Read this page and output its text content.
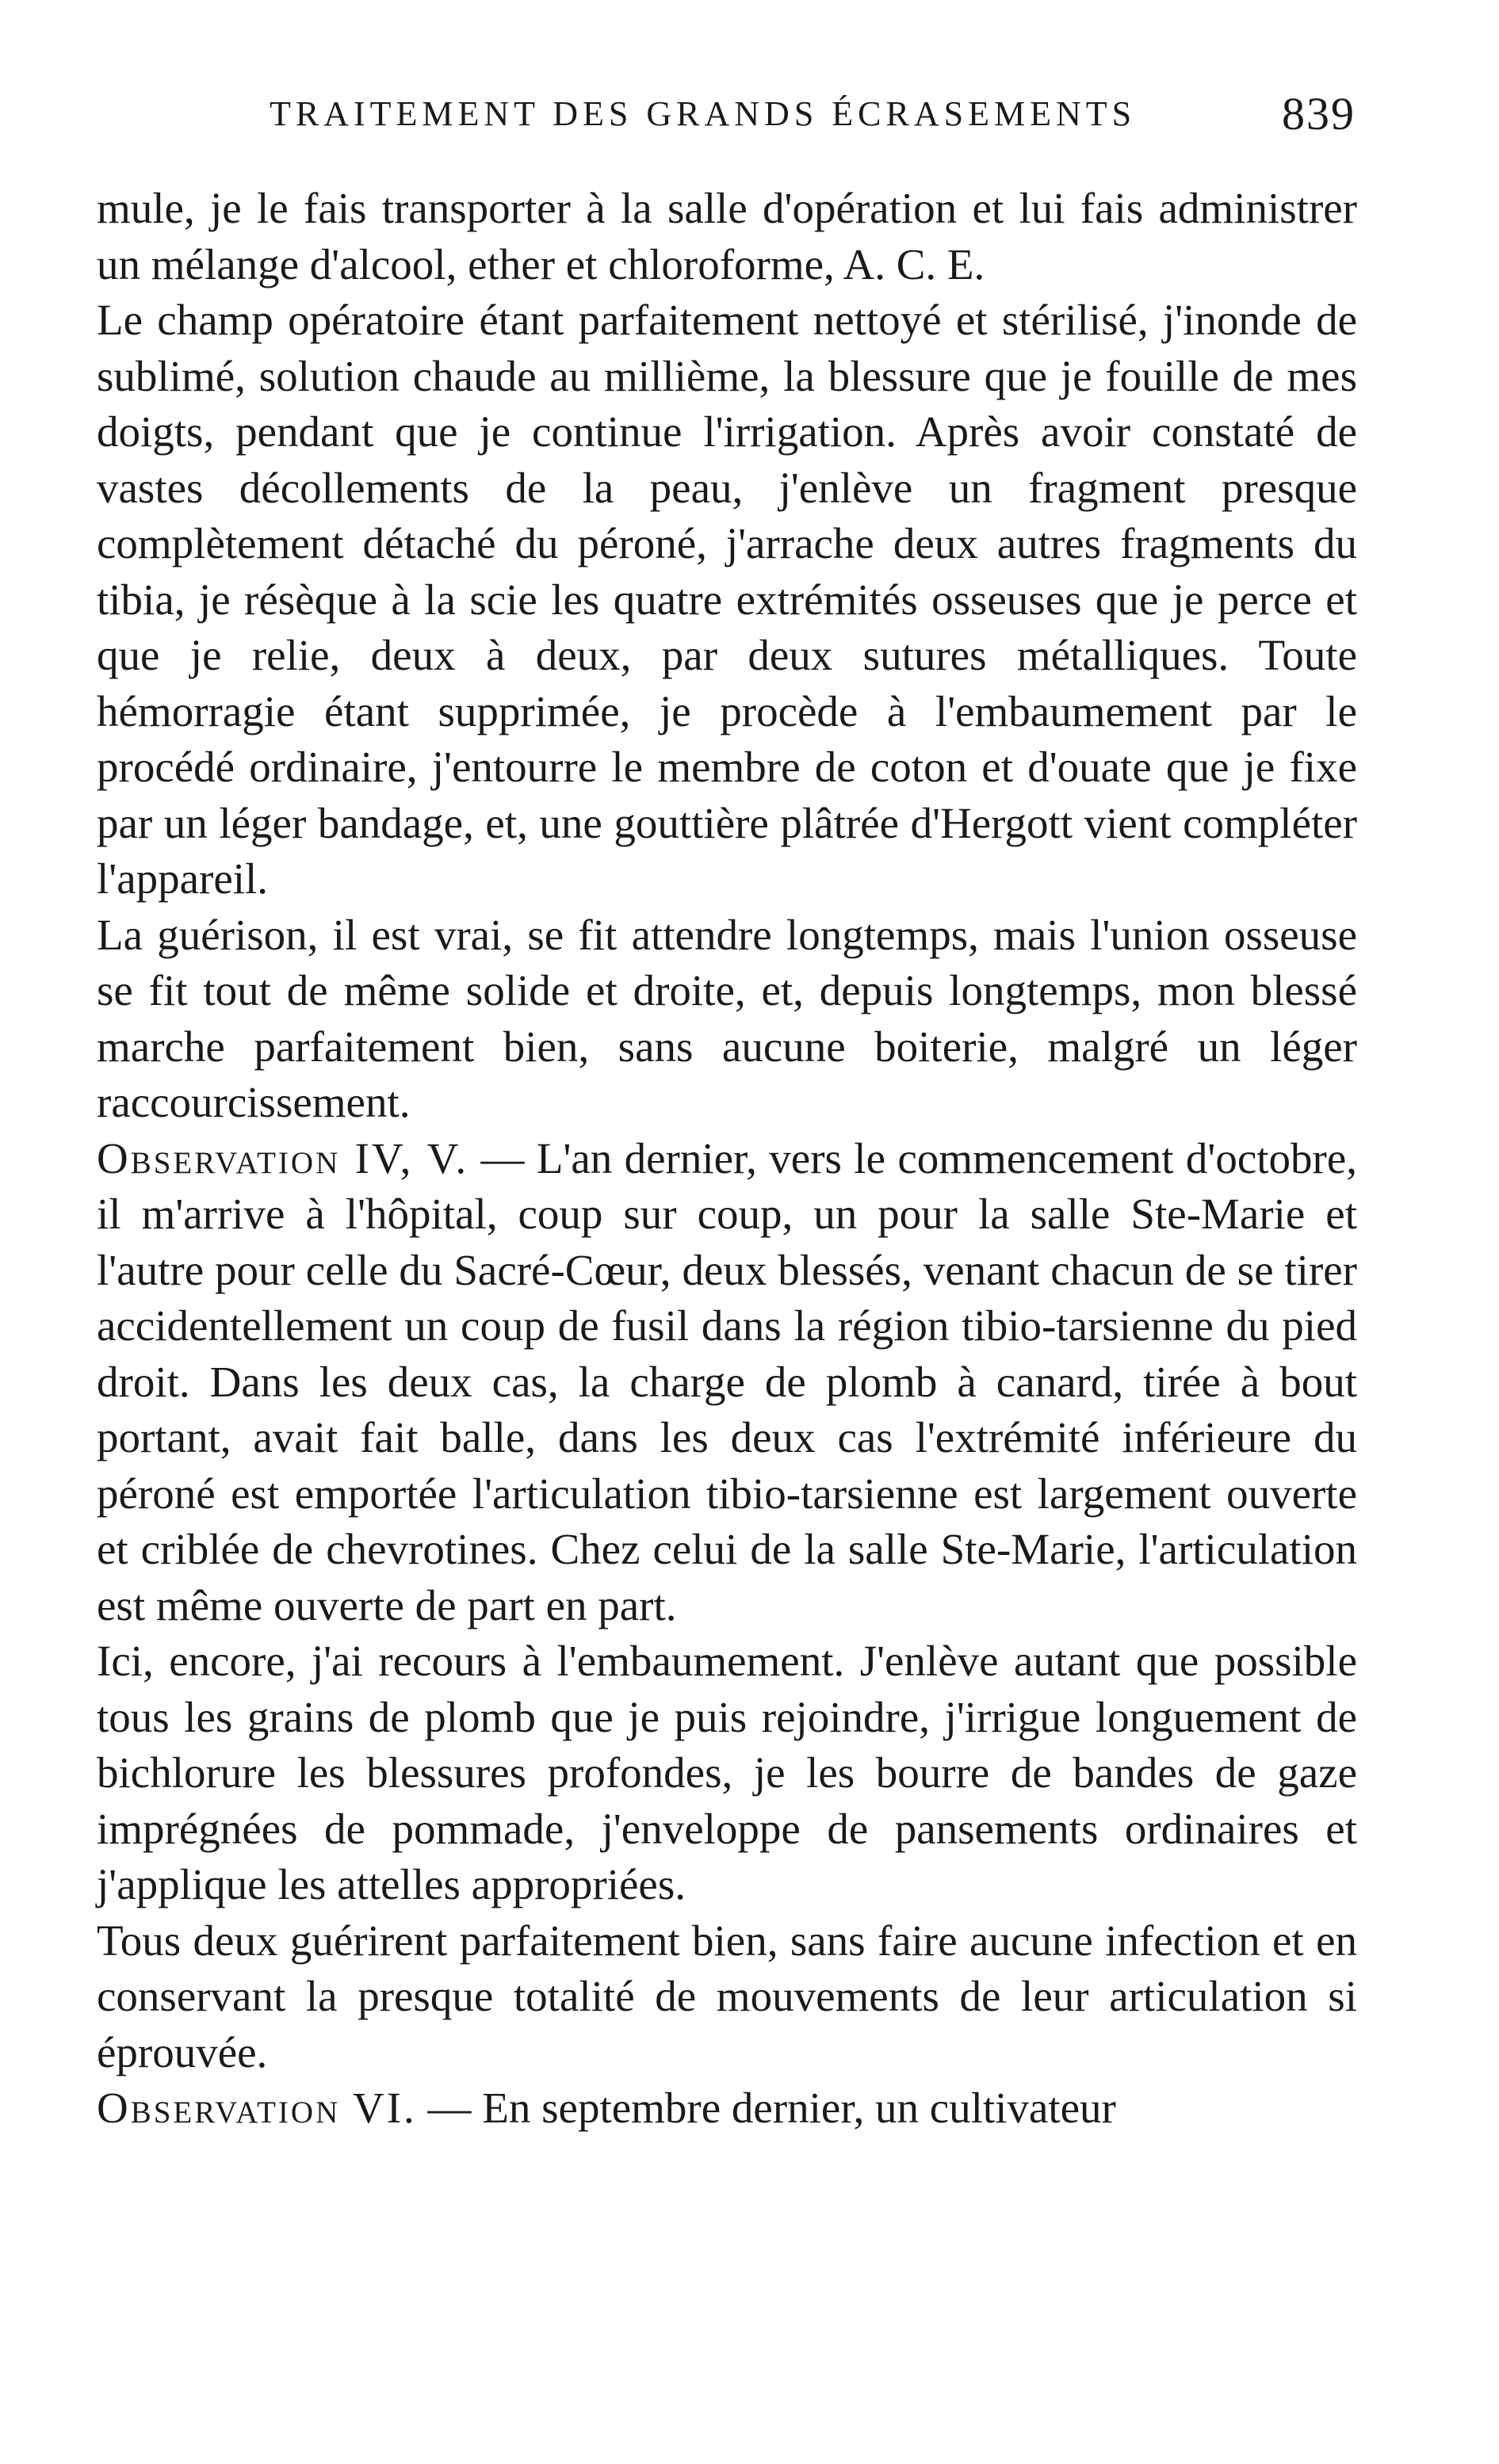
TRAITEMENT DES GRANDS ÉCRASEMENTS	839

mule, je le fais transporter à la salle d'opération et lui fais administrer un mélange d'alcool, ether et chloroforme, A. C. E.

Le champ opératoire étant parfaitement nettoyé et stérilisé, j'inonde de sublimé, solution chaude au millième, la blessure que je fouille de mes doigts, pendant que je continue l'irrigation. Après avoir constaté de vastes décollements de la peau, j'enlève un fragment presque complètement détaché du péroné, j'arrache deux autres fragments du tibia, je résèque à la scie les quatre extrémités osseuses que je perce et que je relie, deux à deux, par deux sutures métalliques. Toute hémorragie étant supprimée, je procède à l'embaumement par le procédé ordinaire, j'entourre le membre de coton et d'ouate que je fixe par un léger bandage, et, une gouttière plâtrée d'Hergott vient compléter l'appareil.

La guérison, il est vrai, se fit attendre longtemps, mais l'union osseuse se fit tout de même solide et droite, et, depuis longtemps, mon blessé marche parfaitement bien, sans aucune boiterie, malgré un léger raccourcissement.

Observation IV, V. — L'an dernier, vers le commencement d'octobre, il m'arrive à l'hôpital, coup sur coup, un pour la salle Ste-Marie et l'autre pour celle du Sacré-Cœur, deux blessés, venant chacun de se tirer accidentellement un coup de fusil dans la région tibio-tarsienne du pied droit. Dans les deux cas, la charge de plomb à canard, tirée à bout portant, avait fait balle, dans les deux cas l'extrémité inférieure du péroné est emportée l'articulation tibio-tarsienne est largement ouverte et criblée de chevrotines. Chez celui de la salle Ste-Marie, l'articulation est même ouverte de part en part.

Ici, encore, j'ai recours à l'embaumement. J'enlève autant que possible tous les grains de plomb que je puis rejoindre, j'irrigue longuement de bichlorure les blessures profondes, je les bourre de bandes de gaze imprégnées de pommade, j'enveloppe de pansements ordinaires et j'applique les attelles appropriées.

Tous deux guérirent parfaitement bien, sans faire aucune infection et en conservant la presque totalité de mouvements de leur articulation si éprouvée.

Observation VI. — En septembre dernier, un cultivateur
